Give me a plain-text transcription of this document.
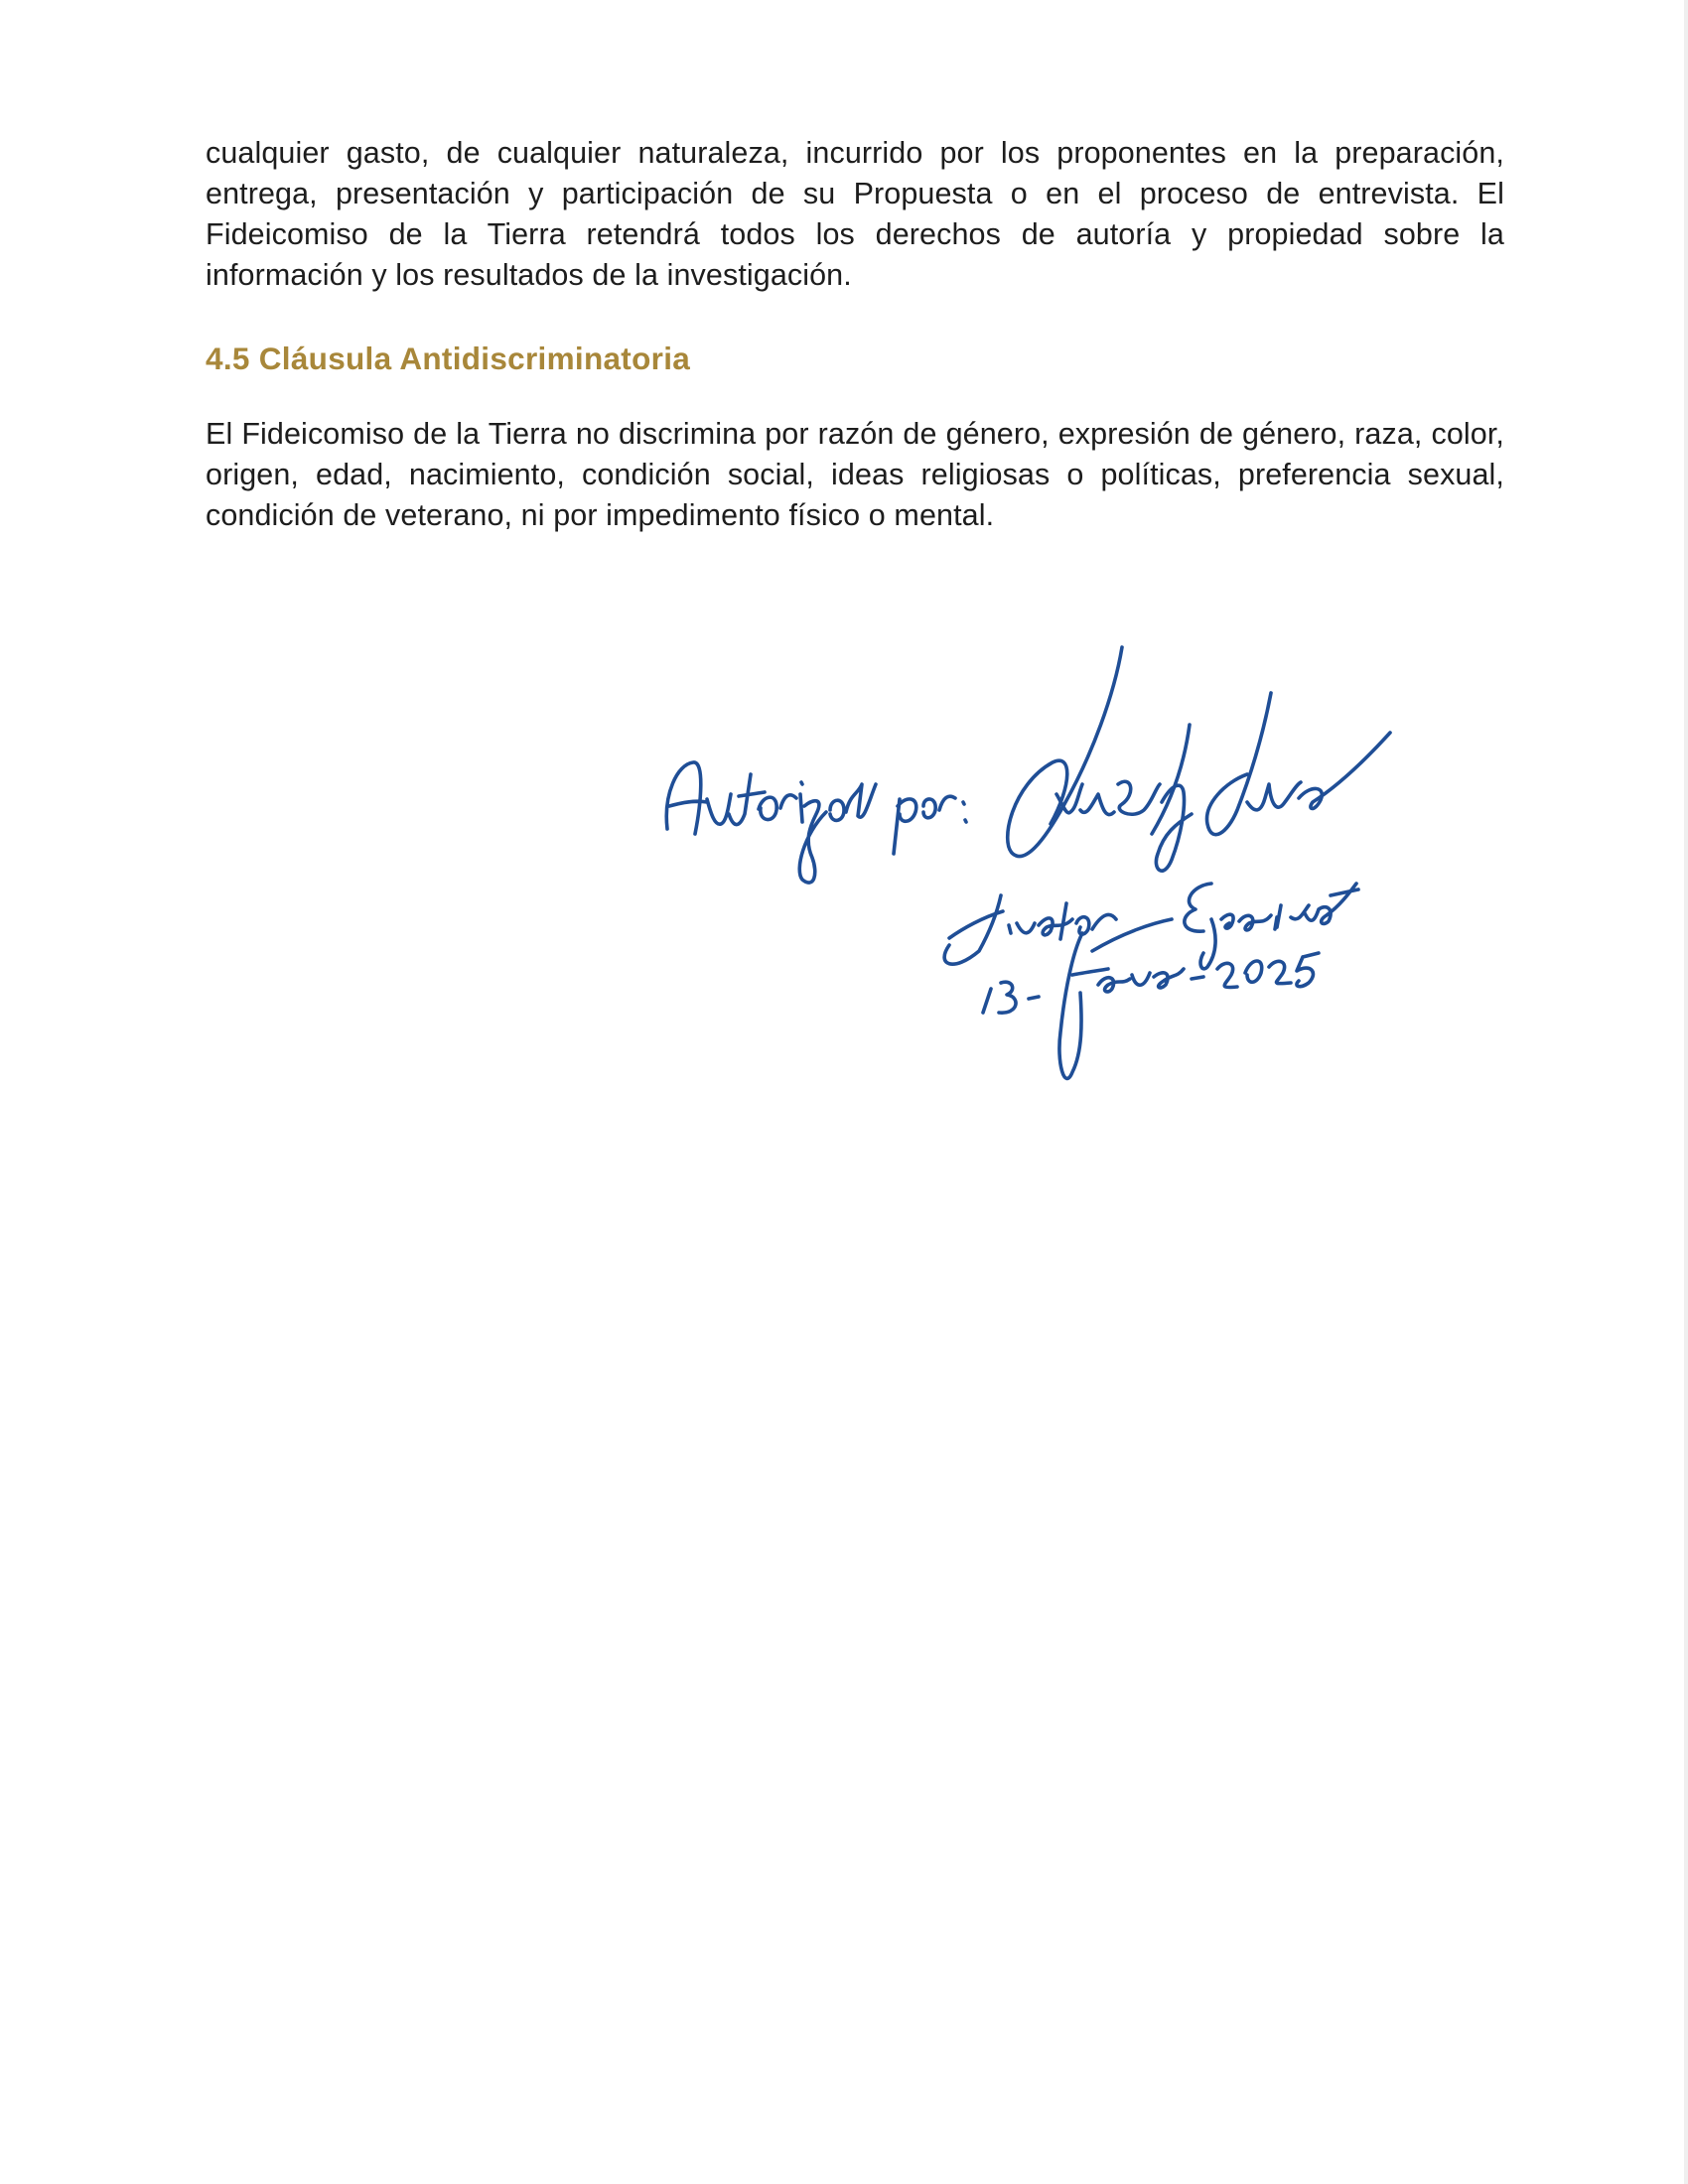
cualquier gasto, de cualquier naturaleza, incurrido por los proponentes en la preparación, entrega, presentación y participación de su Propuesta o en el proceso de entrevista. El Fideicomiso de la Tierra retendrá todos los derechos de autoría y propiedad sobre la información y los resultados de la investigación.

4.5 Cláusula Antidiscriminatoria

El Fideicomiso de la Tierra no discrimina por razón de género, expresión de género, raza, color, origen, edad, nacimiento, condición social, ideas religiosas o políticas, preferencia sexual, condición de veterano, ni por impedimento físico o mental.
